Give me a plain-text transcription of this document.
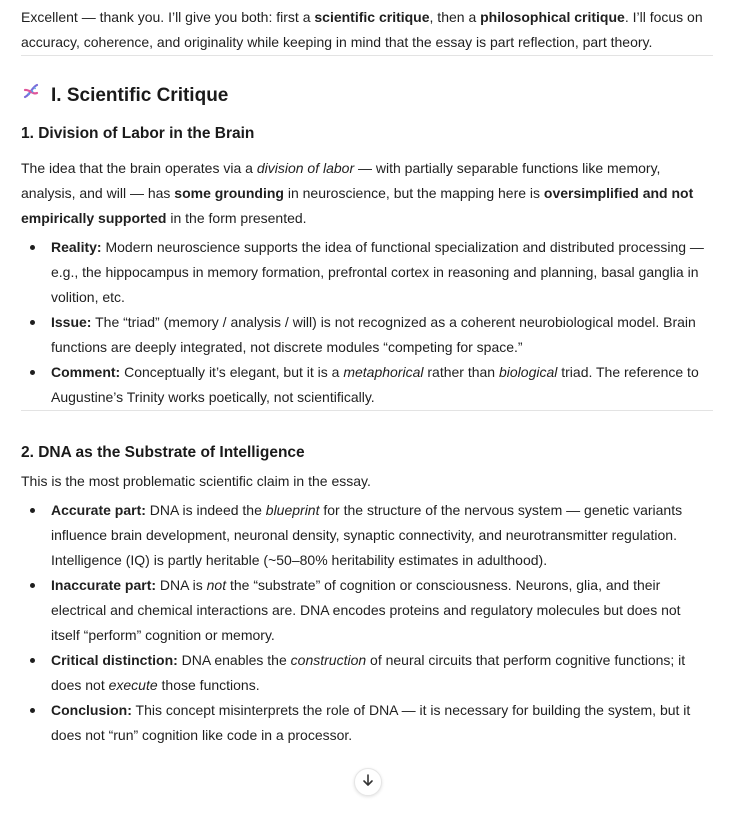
Excellent — thank you. I’ll give you both: first a scientific critique, then a philosophical critique. I’ll focus on accuracy, coherence, and originality while keeping in mind that the essay is part reflection, part theory.

I. Scientific Critique
1. Division of Labor in the Brain

The idea that the brain operates via a division of labor — with partially separable functions like memory, analysis, and will — has some grounding in neuroscience, but the mapping here is oversimplified and not empirically supported in the form presented.

Reality: Modern neuroscience supports the idea of functional specialization and distributed processing — e.g., the hippocampus in memory formation, prefrontal cortex in reasoning and planning, basal ganglia in volition, etc.
Issue: The “triad” (memory / analysis / will) is not recognized as a coherent neurobiological model. Brain functions are deeply integrated, not discrete modules “competing for space.”
Comment: Conceptually it’s elegant, but it is a metaphorical rather than biological triad. The reference to Augustine’s Trinity works poetically, not scientifically.
2. DNA as the Substrate of Intelligence

This is the most problematic scientific claim in the essay.

Accurate part: DNA is indeed the blueprint for the structure of the nervous system — genetic variants influence brain development, neuronal density, synaptic connectivity, and neurotransmitter regulation. Intelligence (IQ) is partly heritable (~50–80% heritability estimates in adulthood).
Inaccurate part: DNA is not the “substrate” of cognition or consciousness. Neurons, glia, and their electrical and chemical interactions are. DNA encodes proteins and regulatory molecules but does not itself “perform” cognition or memory.
Critical distinction: DNA enables the construction of neural circuits that perform cognitive functions; it does not execute those functions.
Conclusion: This concept misinterprets the role of DNA — it is necessary for building the system, but it does not “run” cognition like code in a processor.
